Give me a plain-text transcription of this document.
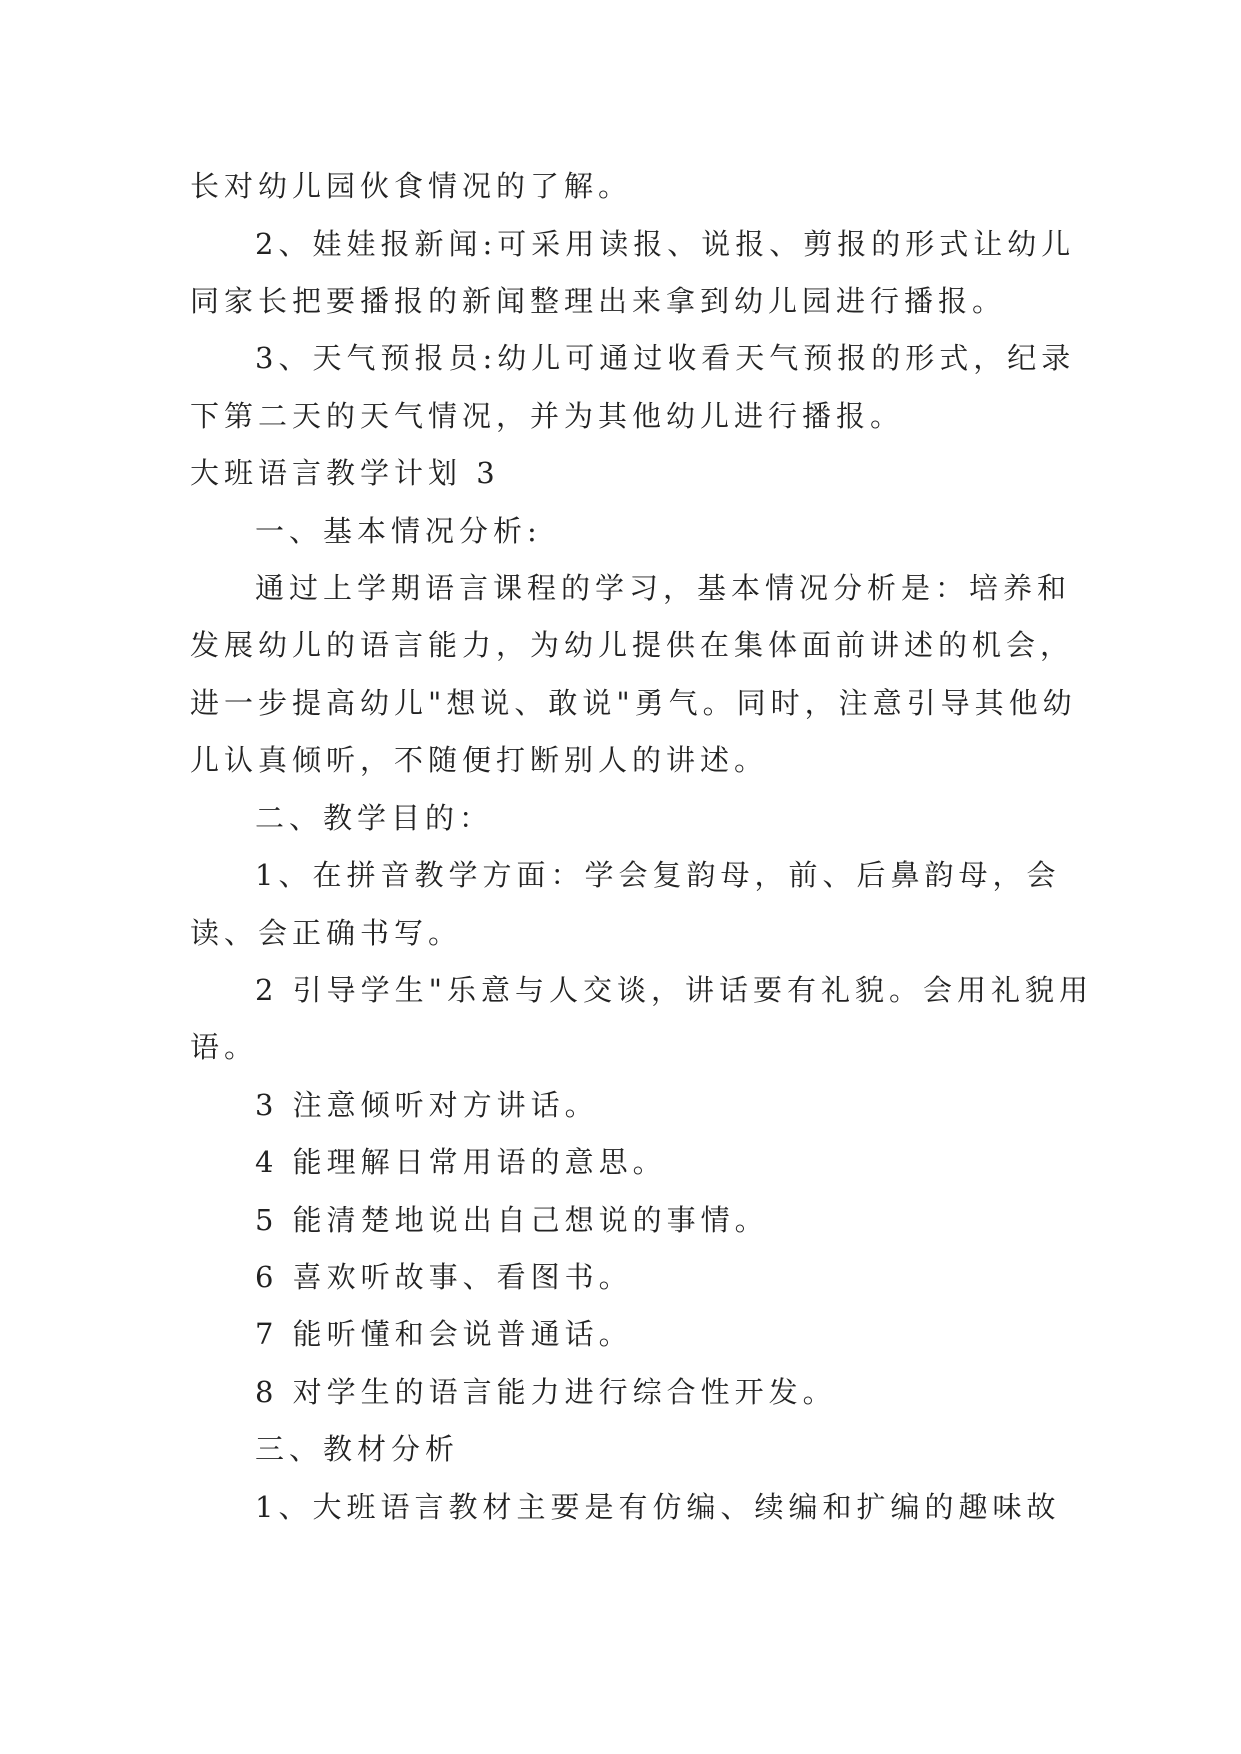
长对幼儿园伙食情况的了解。
2、娃娃报新闻:可采用读报、说报、剪报的形式让幼儿
同家长把要播报的新闻整理出来拿到幼儿园进行播报。
3、天气预报员:幼儿可通过收看天气预报的形式，纪录
下第二天的天气情况，并为其他幼儿进行播报。
大班语言教学计划 3
一、基本情况分析:
通过上学期语言课程的学习，基本情况分析是：培养和
发展幼儿的语言能力，为幼儿提供在集体面前讲述的机会，
进一步提高幼儿"想说、敢说"勇气。同时，注意引导其他幼
儿认真倾听，不随便打断别人的讲述。
二、教学目的：
1、在拼音教学方面：学会复韵母，前、后鼻韵母，会
读、会正确书写。
2 引导学生"乐意与人交谈，讲话要有礼貌。会用礼貌用
语。
3 注意倾听对方讲话。
4 能理解日常用语的意思。
5 能清楚地说出自己想说的事情。
6 喜欢听故事、看图书。
7 能听懂和会说普通话。
8 对学生的语言能力进行综合性开发。
三、教材分析
1、大班语言教材主要是有仿编、续编和扩编的趣味故
